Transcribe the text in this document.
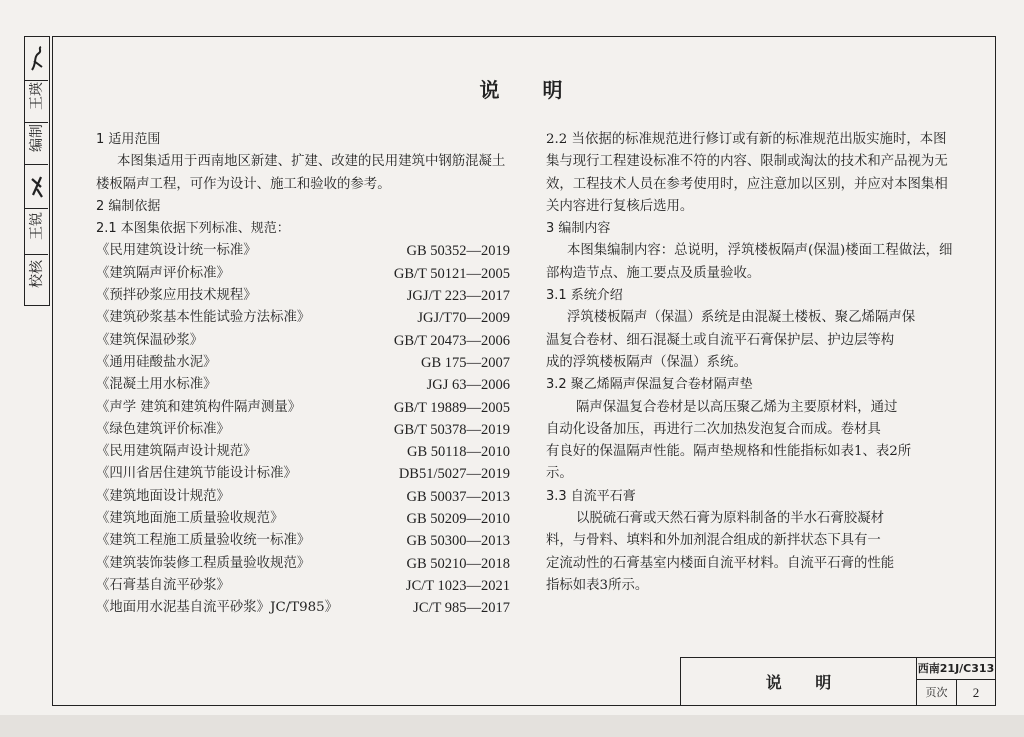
王瑛
编制
王锐
校核
说 明
1 适用范围
本图集适用于西南地区新建、扩建、改建的民用建筑中钢筋混凝土
楼板隔声工程，可作为设计、施工和验收的参考。
2 编制依据
2.1 本图集依据下列标准、规范：
《民用建筑设计统一标准》	GB 50352—2019
《建筑隔声评价标准》	GB/T 50121—2005
《预拌砂浆应用技术规程》	JGJ/T 223—2017
《建筑砂浆基本性能试验方法标准》	JGJ/T70—2009
《建筑保温砂浆》	GB/T 20473—2006
《通用硅酸盐水泥》	GB 175—2007
《混凝土用水标准》	JGJ 63—2006
《声学 建筑和建筑构件隔声测量》	GB/T 19889—2005
《绿色建筑评价标准》	GB/T 50378—2019
《民用建筑隔声设计规范》	GB 50118—2010
《四川省居住建筑节能设计标准》	DB51/5027—2019
《建筑地面设计规范》	GB 50037—2013
《建筑地面施工质量验收规范》	GB 50209—2010
《建筑工程施工质量验收统一标准》	GB 50300—2013
《建筑装饰装修工程质量验收规范》	GB 50210—2018
《石膏基自流平砂浆》	JC/T 1023—2021
《地面用水泥基自流平砂浆》JC/T985》	JC/T 985—2017
2.2 当依据的标准规范进行修订或有新的标准规范出版实施时，本图
集与现行工程建设标准不符的内容、限制或淘汰的技术和产品视为无
效，工程技术人员在参考使用时，应注意加以区别，并应对本图集相
关内容进行复核后选用。
3 编制内容
本图集编制内容：总说明，浮筑楼板隔声(保温)楼面工程做法，细
部构造节点、施工要点及质量验收。
3.1 系统介绍
浮筑楼板隔声（保温）系统是由混凝土楼板、聚乙烯隔声保
温复合卷材、细石混凝土或自流平石膏保护层、护边层等构
成的浮筑楼板隔声（保温）系统。
3.2 聚乙烯隔声保温复合卷材隔声垫
隔声保温复合卷材是以高压聚乙烯为主要原材料，通过
自动化设备加压，再进行二次加热发泡复合而成。卷材具
有良好的保温隔声性能。隔声垫规格和性能指标如表1、表2所
示。
3.3 自流平石膏
以脱硫石膏或天然石膏为原料制备的半水石膏胶凝材
料，与骨料、填料和外加剂混合组成的新拌状态下具有一
定流动性的石膏基室内楼面自流平材料。自流平石膏的性能
指标如表3所示。
说 明
西南21J/C313
页次	2
